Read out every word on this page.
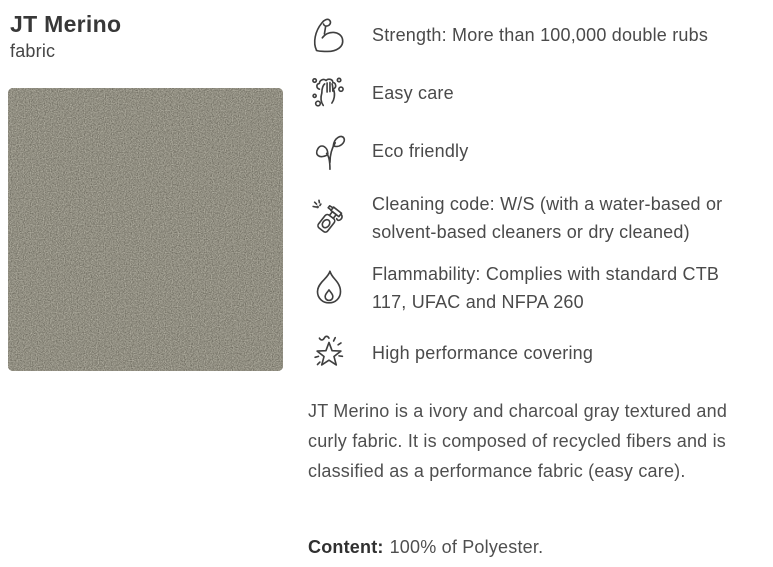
JT Merino
fabric
Strength: More than 100,000 double rubs
Easy care
Eco friendly
Cleaning code: W/S (with a water-based or solvent-based cleaners or dry cleaned)
Flammability: Complies with standard CTB 117, UFAC and NFPA 260
High performance covering
JT Merino is a ivory and charcoal gray textured and curly fabric. It is composed of recycled fibers and is classified as a performance fabric (easy care).
Content: 100% of Polyester.
